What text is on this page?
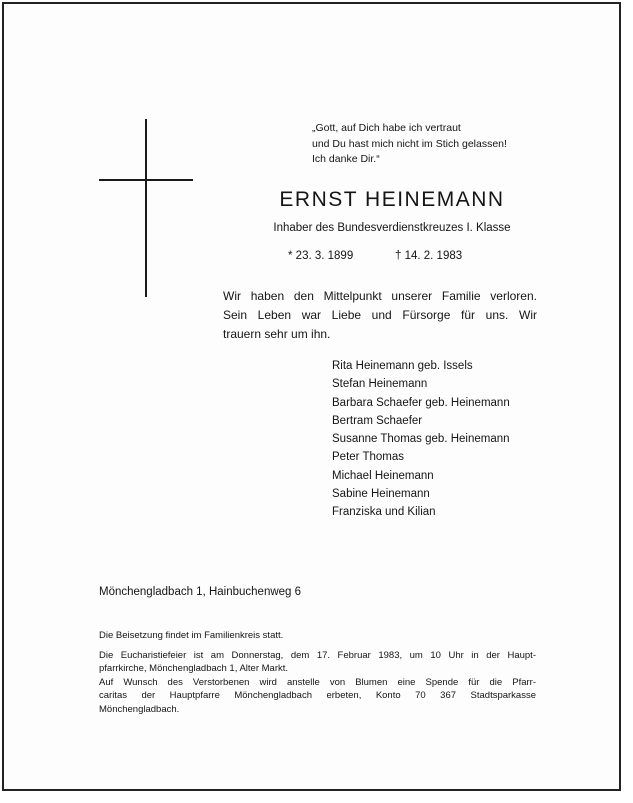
„Gott, auf Dich habe ich vertraut
und Du hast mich nicht im Stich gelassen!
Ich danke Dir.“
ERNST HEINEMANN
Inhaber des Bundesverdienstkreuzes I. Klasse
* 23. 3. 1899	† 14. 2. 1983
Wir haben den Mittelpunkt unserer Familie verloren.
Sein Leben war Liebe und Fürsorge für uns. Wir
trauern sehr um ihn.
Rita Heinemann geb. Issels
Stefan Heinemann
Barbara Schaefer geb. Heinemann
Bertram Schaefer
Susanne Thomas geb. Heinemann
Peter Thomas
Michael Heinemann
Sabine Heinemann
Franziska und Kilian
Mönchengladbach 1, Hainbuchenweg 6
Die Beisetzung findet im Familienkreis statt.
Die Eucharistiefeier ist am Donnerstag, dem 17. Februar 1983, um 10 Uhr in der Haupt-
pfarrkirche, Mönchengladbach 1, Alter Markt.
Auf Wunsch des Verstorbenen wird anstelle von Blumen eine Spende für die Pfarr-
caritas der Hauptpfarre Mönchengladbach erbeten, Konto 70 367 Stadtsparkasse
Mönchengladbach.
